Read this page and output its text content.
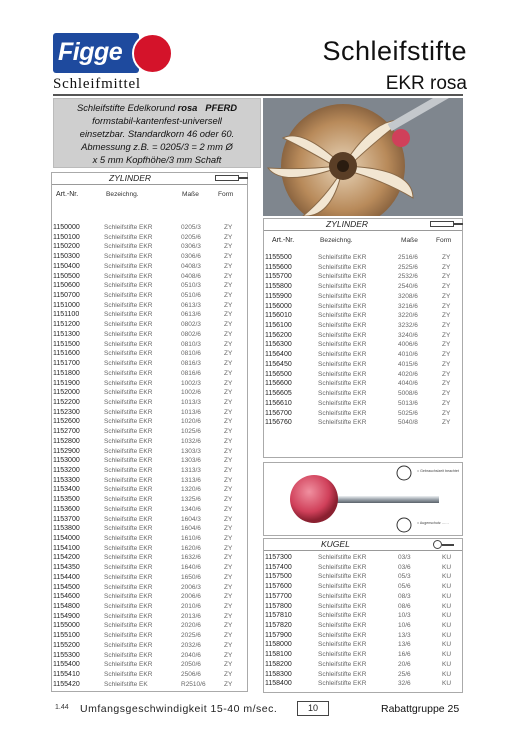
Figge
Schleifmittel
Schleifstifte
EKR rosa
Schleifstifte Edelkorund rosa PFERD
formstabil-kantenfest-universell
einsetzbar. Standardkorn 46 oder 60.
Abmessung z.B. = 0205/3 = 2 mm Ø
x 5 mm Kopfhöhe/3 mm Schaft
ZYLINDER
Art.-Nr.	Bezeichng.	Maße	Form
1150000	Schleifstifte EKR	0205/3	ZY
1150100	Schleifstifte EKR	0205/6	ZY
1150200	Schleifstifte EKR	0306/3	ZY
1150300	Schleifstifte EKR	0306/6	ZY
1150400	Schleifstifte EKR	0408/3	ZY
1150500	Schleifstifte EKR	0408/6	ZY
1150600	Schleifstifte EKR	0510/3	ZY
1150700	Schleifstifte EKR	0510/6	ZY
1151000	Schleifstifte EKR	0613/3	ZY
1151100	Schleifstifte EKR	0613/6	ZY
1151200	Schleifstifte EKR	0802/3	ZY
1151300	Schleifstifte EKR	0802/6	ZY
1151500	Schleifstifte EKR	0810/3	ZY
1151600	Schleifstifte EKR	0810/6	ZY
1151700	Schleifstifte EKR	0816/3	ZY
1151800	Schleifstifte EKR	0816/6	ZY
1151900	Schleifstifte EKR	1002/3	ZY
1152000	Schleifstifte EKR	1002/6	ZY
1152200	Schleifstifte EKR	1013/3	ZY
1152300	Schleifstifte EKR	1013/6	ZY
1152600	Schleifstifte EKR	1020/6	ZY
1152700	Schleifstifte EKR	1025/6	ZY
1152800	Schleifstifte EKR	1032/6	ZY
1152900	Schleifstifte EKR	1303/3	ZY
1153000	Schleifstifte EKR	1303/6	ZY
1153200	Schleifstifte EKR	1313/3	ZY
1153300	Schleifstifte EKR	1313/6	ZY
1153400	Schleifstifte EKR	1320/6	ZY
1153500	Schleifstifte EKR	1325/6	ZY
1153600	Schleifstifte EKR	1340/6	ZY
1153700	Schleifstifte EKR	1604/3	ZY
1153800	Schleifstifte EKR	1604/6	ZY
1154000	Schleifstifte EKR	1610/6	ZY
1154100	Schleifstifte EKR	1620/6	ZY
1154200	Schleifstifte EKR	1632/6	ZY
1154350	Schleifstifte EKR	1640/6	ZY
1154400	Schleifstifte EKR	1650/6	ZY
1154500	Schleifstifte EKR	2006/3	ZY
1154600	Schleifstifte EKR	2006/6	ZY
1154800	Schleifstifte EKR	2010/6	ZY
1154900	Schleifstifte EKR	2013/6	ZY
1155000	Schleifstifte EKR	2020/6	ZY
1155100	Schleifstifte EKR	2025/6	ZY
1155200	Schleifstifte EKR	2032/6	ZY
1155300	Schleifstifte EKR	2040/6	ZY
1155400	Schleifstifte EKR	2050/6	ZY
1155410	Schleifstifte EKR	2506/6	ZY
1155420	Schleifstifte EK	R2510/6	ZY
ZYLINDER
Art.-Nr.	Bezeichng.	Maße	Form
1155500	Schleifstifte EKR	2516/6	ZY
1155600	Schleifstifte EKR	2525/6	ZY
1155700	Schleifstifte EKR	2532/6	ZY
1155800	Schleifstifte EKR	2540/6	ZY
1155900	Schleifstifte EKR	3208/6	ZY
1156000	Schleifstifte EKR	3216/6	ZY
1156010	Schleifstifte EKR	3220/6	ZY
1156100	Schleifstifte EKR	3232/6	ZY
1156200	Schleifstifte EKR	3240/6	ZY
1156300	Schleifstifte EKR	4006/6	ZY
1156400	Schleifstifte EKR	4010/6	ZY
1156450	Schleifstifte EKR	4015/6	ZY
1156500	Schleifstifte EKR	4020/6	ZY
1156600	Schleifstifte EKR	4040/6	ZY
1156605	Schleifstifte EKR	5008/6	ZY
1156610	Schleifstifte EKR	5013/6	ZY
1156700	Schleifstifte EKR	5025/6	ZY
1156760	Schleifstifte EKR	5040/8	ZY
= Gebrauchslzeit beachtet
= Augenschutz ……
KUGEL
1157300	Schleifstifte EKR	03/3	KU
1157400	Schleifstifte EKR	03/6	KU
1157500	Schleifstifte EKR	05/3	KU
1157600	Schleifstifte EKR	05/6	KU
1157700	Schleifstifte EKR	08/3	KU
1157800	Schleifstifte EKR	08/6	KU
1157810	Schleifstifte EKR	10/3	KU
1157820	Schleifstifte EKR	10/6	KU
1157900	Schleifstifte EKR	13/3	KU
1158000	Schleifstifte EKR	13/6	KU
1158100	Schleifstifte EKR	16/6	KU
1158200	Schleifstifte EKR	20/6	KU
1158300	Schleifstifte EKR	25/6	KU
1158400	Schleifstifte EKR	32/6	KU
1.44 Umfangsgeschwindigkeit 15-40 m/sec.	10	Rabattgruppe 25
